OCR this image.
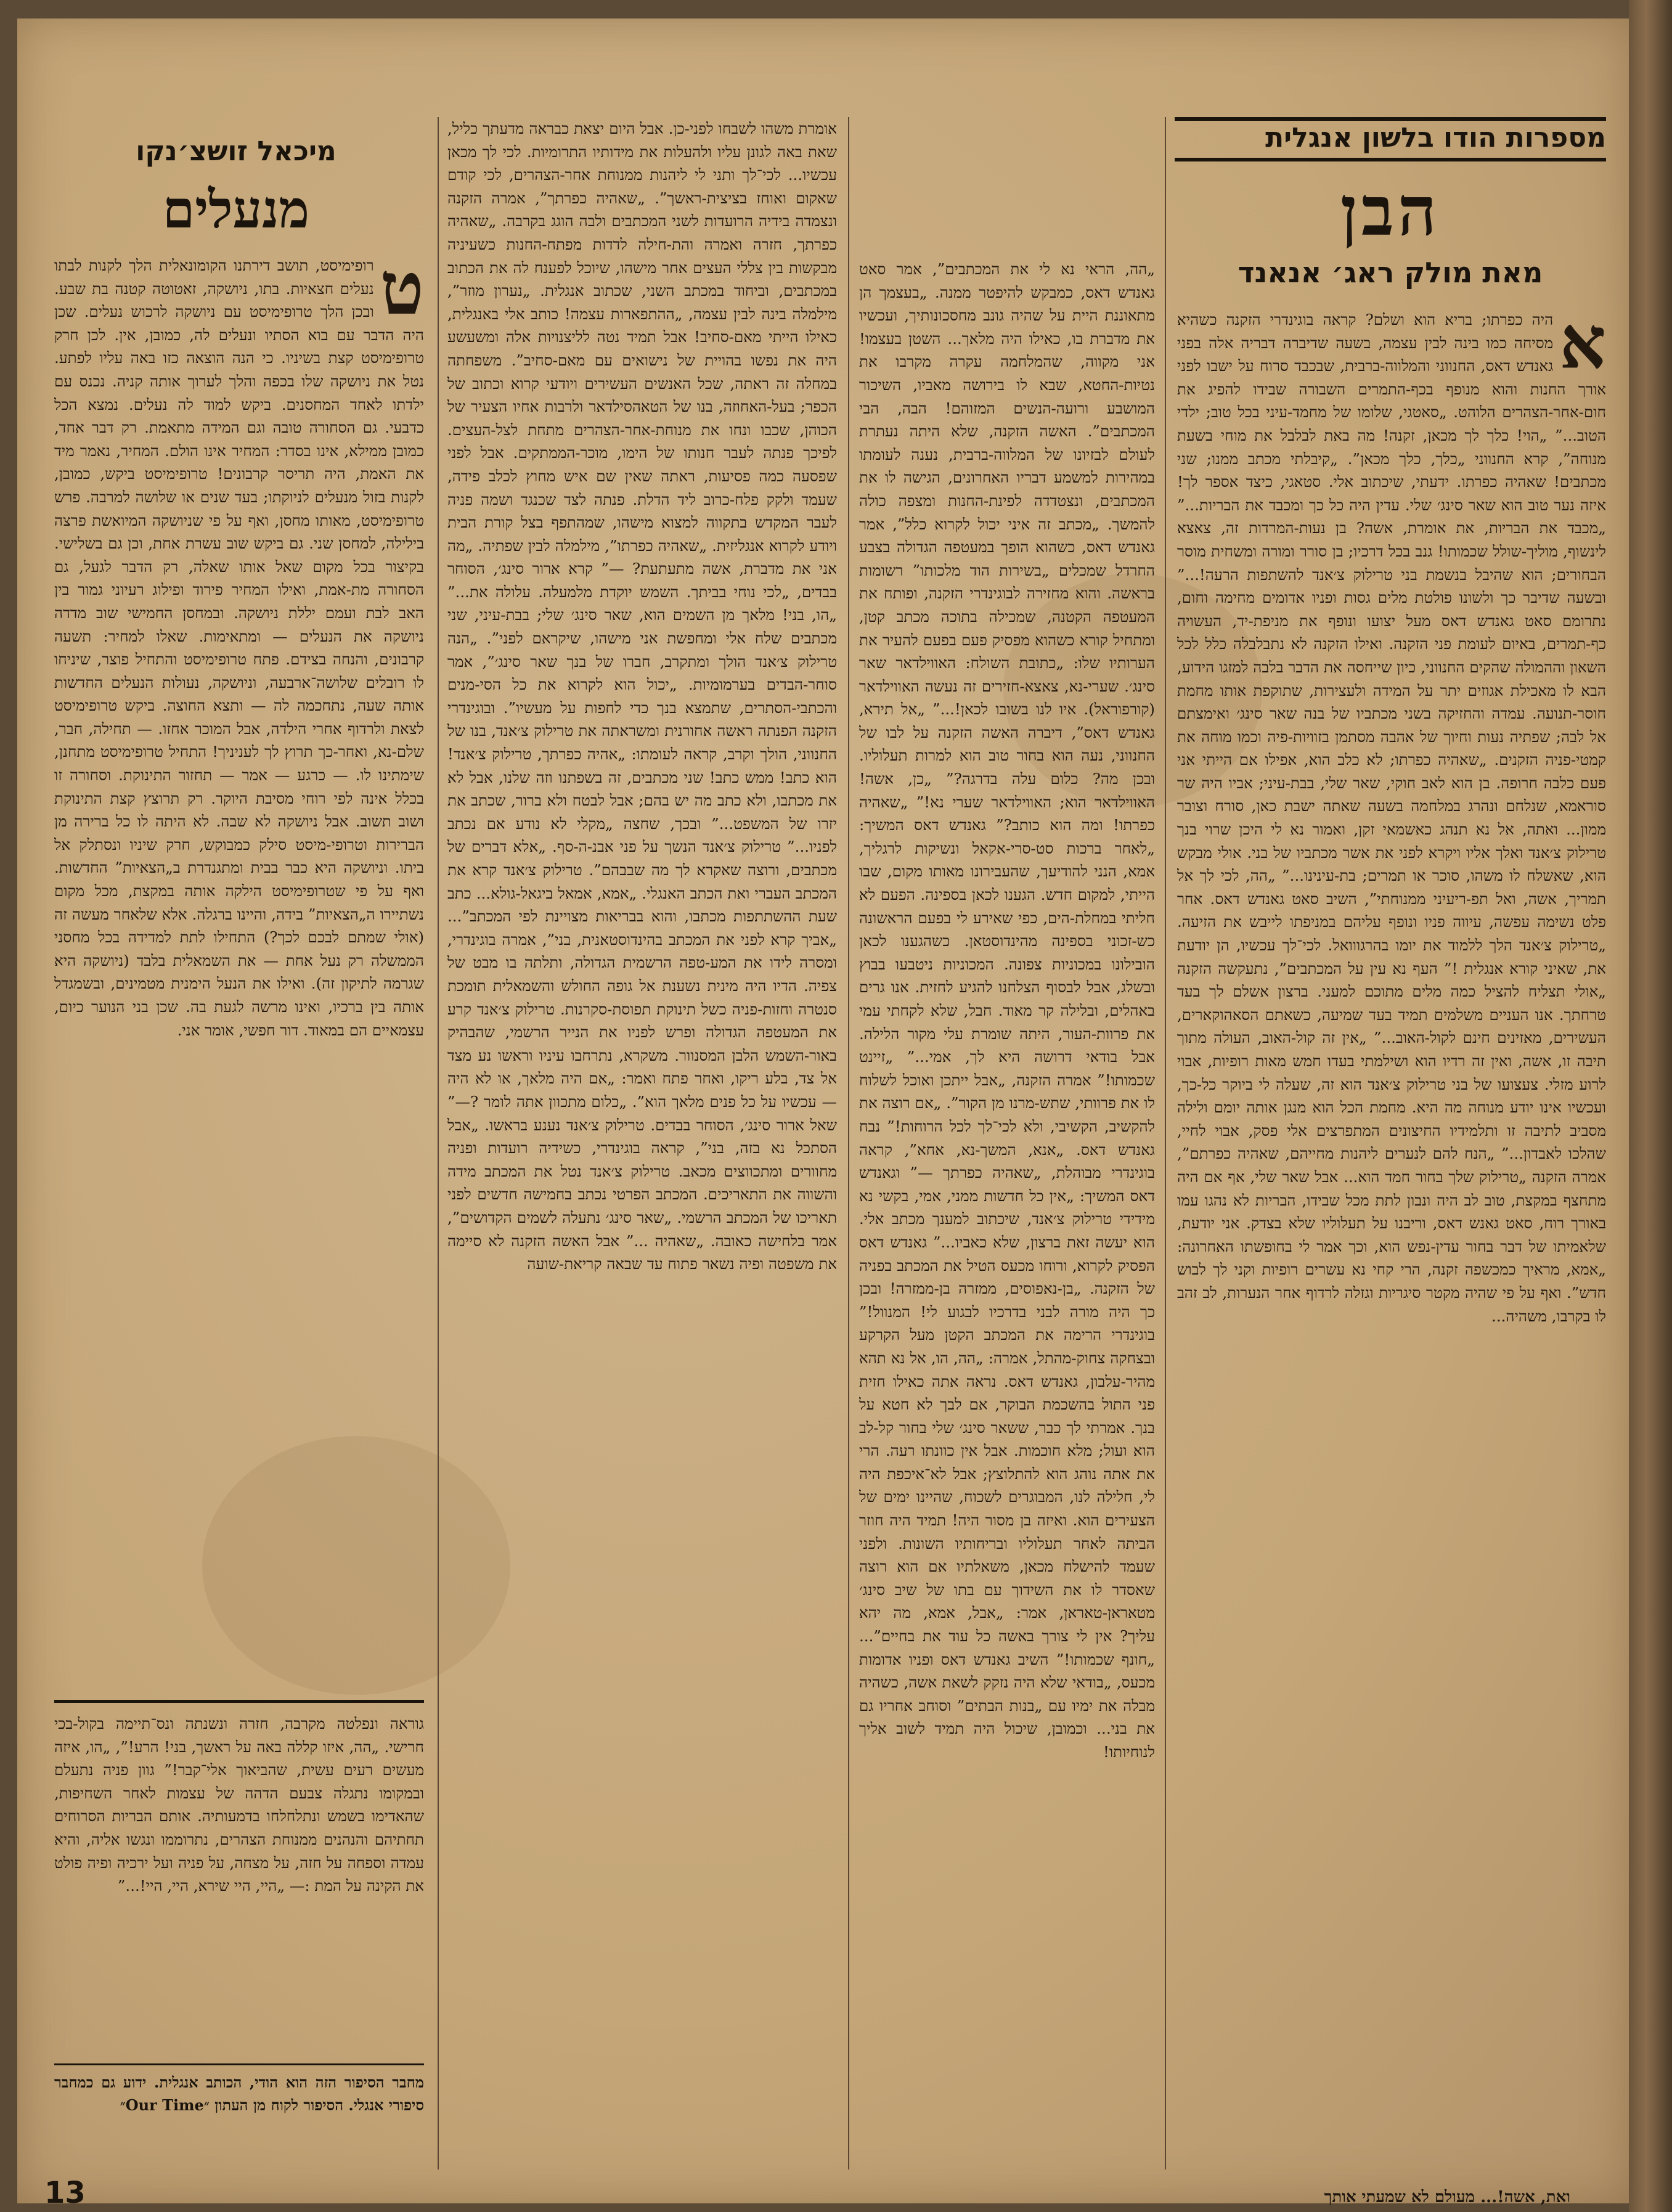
מספרות הודו בלשון אנגלית
הבן
מאת מולק ראג׳ אנאנד
א

היה כפרתו; בריא הוא ושלם? קראה בוגינדרי הזקנה כשהיא מסיחה כמו בינה לבין עצמה, בשעה שדיברה דבריה אלה בפני גאנדש דאס, החנווני והמלווה-ברבית, שבכבד סרוח על ישבו לפני אורך החנות והוא מנופף בכף-התמרים השבורה שבידו להפיג את חום-אחר-הצהרים הלוהט. „סאטגי, שלומו של מחמד-עיני בכל טוב; ילדי הטוב...” „הוי! כלך לך מכאן, זקנה! מה באת לבלבל את מוחי בשעת מנוחה”, קרא החנווני „כלך, כלך מכאן”. „קיבלתי מכתב ממנו; שני מכתבים! שאהיה כפרתו. ידעתי, שיכתוב אלי. סטאגי, כיצד אספר לך! איזה נער טוב הוא שאר סינג׳ שלי. עדין היה כל כך ומכבד את הבריות...” „מכבד את הבריות, את אומרת, אשה? בן נעות-המרדות זה, צאצא לינשוף, מוליך-שולל שכמותו! גנב בכל דרכיו; בן סורר ומורה ומשחית מוסר הבחורים; הוא שהיבל בנשמת בני טרילוק צ׳אנד להשתפות הרעה!...” ובשעה שדיבר כך ולשונו פולטת מלים גסות ופניו אדומים מחימה וחום, נתרומם סאט גאנדש דאס מעל יצועו ונופף את מניפת-יד, העשויה כף-תמרים, באיום לעומת פני הזקנה. ואילו הזקנה לא נתבלבלה כלל לכל השאון וההמולה שהקים החנווני, כיון שייחסה את הדבר בלבה למזגו הידוע, הבא לו מאכילת אגוזים יתר על המידה ולעצירות, שתוקפת אותו מחמת חוסר-תנועה. עמדה והחזיקה בשני מכתביו של בנה שאר סינג׳ ואימצתם אל לבה; שפתיה נעות וחיוך של אהבה מסתמן בזוויות-פיה וכמו מוחה את קמטי-פניה הזקנים. „שאהיה כפרתו; לא כלב הוא, אפילו אם הייתי אני פעם כלבה חרופה. בן הוא לאב חוקי, שאר שלי, בבת-עיני; אביו היה שר סוראמא, שנלחם ונהרג במלחמה בשעה שאתה ישבת כאן, סורח וצובר ממון... ואתה, אל נא תנהג כאשמאי זקן, ואמור נא לי היכן שרוי בנך טרילוק צ׳אנד ואלך אליו ויקרא לפני את אשר מכתביו של בני. אולי מבקש הוא, שאשלח לו משהו, סוכר או תמרים; בת-עינינו...” „הה, לכי לך אל תמריך, אשה, ואל תפ-ריעיני ממנוחתי”, השיב סאט גאנדש דאס. אחר פלט נשימה עפשה, עיווה פניו ונופף עליהם במניפתו לייבש את הזיעה. „טרילוק צ׳אנד הלך ללמוד את יומו בהרגווואל. לכי־לך עכשיו, הן יודעת את, שאיני קורא אנגלית !” העף נא עין על המכתבים”, נתעקשה הזקנה „אולי תצליח להציל כמה מלים מתוכם למעני. ברצון אשלם לך בעד טרחתך. אנו העניים משלמים תמיד בעד שמיעה, כשאתם הסאהוקארים, העשירים, מאזינים חינם לקול-האוב...” „אין זה קול-האוב, העולה מתוך תיבה זו, אשה, ואין זה רדיו הוא ושילמתי בעדו חמש מאות רופיות, אבוי לרוע מזלי. צעצועו של בני טרילוק צ׳אנד הוא זה, שעלה לי ביוקר כל-כך, ועכשיו אינו יודע מנוחה מה היא. מחמת הכל הוא מנגן אותה יומם ולילה מסביב לתיבה זו ותלמידיו החיצונים המתפרצים אלי פסק, אבוי לחיי, שהלכו לאבדון...” „הנח להם לנערים ליהנות מחייהם, שאהיה כפרתם”, אמרה הזקנה „טרילוק שלך בחור חמד הוא... אבל שאר שלי, אף אם היה מתחצף במקצת, טוב לב היה ונבון לתת מכל שבידו, הבריות לא נהגו עמו באורך רוח, סאט גאנש דאס, וריבנו על תעלוליו שלא בצדק. אני יודעת, שלאמיתו של דבר בחור עדין-נפש הוא, וכך אמר לי בחופשתו האחרונה: „אמא, מראיך כמכשפה זקנה, הרי קחי נא עשרים רופיות וקני לך לבוש חדש”. ואף על פי שהיה מקטר סיגריות וגזלה לרדוף אחר הנערות, לב זהב לו בקרבו, משהיה...

„הה, הראי נא לי את המכתבים”, אמר סאט גאנדש דאס, כמבקש להיפטר ממנה. „בעצמך הן מתאוננת היית על שהיה גונב מחסכונותיך, ועכשיו את מדברת בו, כאילו היה מלאך... השטן בעצמו! אני מקווה, שהמלחמה עקרה מקרבו את נטיות-החטא, שבא לו בירושה מאביו, השיכור המושבע ורועה-הנשים המזוהם! הבה, הבי המכתבים”. האשה הזקנה, שלא היתה נעתרת לעולם לבזיונו של המלווה-ברבית, נענה לעומתו במהירות למשמע דבריו האחרונים, הגישה לו את המכתבים, ונצטדדה לפינת-החנות ומצפה כולה להמשך. „מכתב זה איני יכול לקרוא כלל”, אמר גאנדש דאס, כשהוא הופך במעטפה הגדולה בצבע החרדל שמכלים „בשירות הוד מלכותו” רשומות בראשה. והוא מחזירה לבוגינדרי הזקנה, ופותח את המעטפה הקטנה, שמכילה בתוכה מכתב קטן, ומתחיל קורא כשהוא מפסיק פעם בפעם להעיר את הערותיו שלו: „כתובת השולח: האווילדאר שאר סינג׳. שערי-נא, צאצא-חזירים זה נעשה האווילדאר (קורפוראל). איו לנו בשובו לכאן!...” „אל תירא, גאנדש דאס”, דיברה האשה הזקנה על לבו של החנווני, נעה הוא בחור טוב הוא למרות תעלוליו. ובכן מה? כלום עלה בדרגה?” „כן, אשה! האווילדאר הוא; האווילדאר שערי נא!” „שאהיה כפרתו! ומה הוא כותב?” גאנדש דאס המשיך: „לאחר ברכות סט-סרי-אקאל ונשיקות לרגליך, אמא, הנני להודיעך, שהעבירונו מאותו מקום, שבו הייתי, למקום חדש. הגענו לכאן בספינה. הפעם לא חליתי במחלת-הים, כפי שאירע לי בפעם הראשונה כש-זכוני בספינה מהינדוסטאן. כשהגענו לכאן הובילונו במכוניות צפונה. המכוניות ניטבעו בבוץ ובשלג, אבל לבסוף הצלחנו להגיע לחזית. אנו גרים באהלים, ובלילה קר מאוד. חבל, שלא לקחתי עמי את פרוות-העור, היתה שומרת עלי מקור הלילה. אבל בודאי דרושה היא לך, אמי...” „זיינט שכמותו!” אמרה הזקנה, „אבל ייתכן ואוכל לשלוח לו את פרוותי, שתש-מרנו מן הקור”. „אם רוצה את להקשיב, הקשיבי, ולא לכי־לך לכל הרוחות!” נבח גאנדש דאס. „אנא, המשך-נא, אחא”, קראה בוגינדרי מבוהלת, „שאהיה כפרתך —” וגאנדש דאס המשיך: „אין כל חדשות ממני, אמי, בקשי נא מידידי טרילוק צ׳אנד, שיכתוב למענך מכתב אלי. הוא יעשה זאת ברצון, שלא כאביו...” גאנדש דאס הפסיק לקרוא, ורוחו מכעס הטיל את המכתב בפניה של הזקנה. „בן-נאפוסים, ממזרה בן-ממזרה! ובכן כך היה מורה לבני בדרכיו לבגוע לי! המנוול!” בוגינדרי הרימה את המכתב הקטן מעל הקרקע ובצחקה צחוק-מהתל, אמרה: „הה, הו, אל נא תהא מהיר-עלבון, גאנדש דאס. נראה אתה כאילו חזית פני התול בהשכמת הבוקר, אם לבך לא חטא על בנך. אמרתי לך כבר, ששאר סינג׳ שלי בחור קל-לב הוא ועול; מלא חוכמות. אבל אין כוונתו רעה. הרי את אתה נוהג הוא להתלוצץ; אבל לא־איכפת היה לי, חלילה לנו, המבוגרים לשכוח, שהיינו ימים של הצעירים הוא. ואיזה בן מסור היה! תמיד היה חוזר הביתה לאחר תעלוליו ובריחותיו השונות. ולפני שעמד להישלח מכאן, משאלתיו אם הוא רוצה שאסדר לו את השידוך עם בתו של שיב סינג׳ מטאראן-טאראן, אמר: „אבל, אמא, מה יהא עליך? אין לי צורך באשה כל עוד את בחיים”... „חונף שכמותו!” השיב גאנדש דאס ופניו אדומות מכעס, „בודאי שלא היה נזקק לשאת אשה, כשהיה מבלה את ימיו עם „בנות הבתים” וסוחב אחריו גם את בני... וכמובן, שיכול היה תמיד לשוב אליך לנוחיותו!

אומרת משהו לשבחו לפני-כן. אבל היום יצאת כבראה מדעתך כליל, שאת באה לגונן עליו ולהעלות את מידותיו התרומיות. לכי לך מכאן עכשיו... לכי־לך ותני לי ליהנות ממנוחת אחר-הצהרים, לכי קודם שאקום ואוחז בציצית-ראשך”. „שאהיה כפרתך”, אמרה הזקנה ונצמדה בידיה הרועדות לשני המכתבים ולבה הוגג בקרבה. „שאהיה כפרתך, חזרה ואמרה והת-חילה לדדות מפתח-החנות כשעיניה מבקשות בין צללי העצים אחר מישהו, שיוכל לפענח לה את הכתוב במכתבים, וביחוד במכתב השני, שכתוב אנגלית. „נערון מוזר”, מילמלה בינה לבין עצמה, „ההתפארות עצמה! כותב אלי באנגלית, כאילו הייתי מאם-סחיב! אבל תמיד נטה לליצנויות אלה ומשעשע היה את נפשו בהויית של נישואים עם מאם-סחיב”. משפחתה במחלה זה ראתה, שכל האנשים העשירים ויודעי קרוא וכתוב של הכפר; בעל-האחוזה, בנו של הטאהסילדאר ולרבות אחיו הצעיר של הכוהן, שכבו ונחו את מנוחת-אחר-הצהרים מתחת לצל-העצים. לפיכך פנתה לעבר חנותו של הימו, מוכר-הממתקים. אבל לפני שפסעה כמה פסיעות, ראתה שאין שם איש מחוץ לכלב פידה, שעמד ולקק פלח-כרוב ליד הדלת. פנתה לצד שכנגד ושמה פניה לעבר המקדש בתקווה למצוא מישהו, שמהתפף בצל קורת הבית ויודע לקרוא אנגליזית. „שאהיה כפרתו”, מילמלה לבין שפתיה. „מה אני את מדברת, אשה מתעתעת? —” קרא ארור סינג׳, הסוחר בבדים, „לכי נוחי בביתך. השמש יוקדת מלמעלה. עלולה את...” „הו, בני! מלאך מן השמים הוא, שאר סינג׳ שלי; בבת-עיני, שני מכתבים שלח אלי ומחפשת אני מישהו, שיקראם לפני”. „הנה טרילוק צ׳אנד הולך ומתקרב, חברו של בנך שאר סינג׳”, אמר סוחר-הבדים בערמומיות. „יכול הוא לקרוא את כל הסי-מנים והכתבי-הסתרים, שתמצא בנך כדי לחפות על מעשיו”. ובוגינדרי הזקנה הפנתה ראשה אחורנית ומשראתה את טרילוק צ׳אנד, בנו של החנווני, הולך וקרב, קראה לעומתו: „אהיה כפרתך, טרילוק צ׳אנד! הוא כתב! ממש כתב! שני מכתבים, זה בשפתנו וזה שלנו, אבל לא את מכתבו, ולא כתב מה יש בהם; אבל לבטח ולא ברור, שכתב את יזרו של המשפט...” ובכך, שחצה „מקלי לא נודע אם נכתב לפניו...” טרילוק צ׳אנד הנשך על פני אבנ-ה-סף. „אלא דברים של מכתבים, ורוצה שאקרא לך מה שבבהם”. טרילוק צ׳אנד קרא את המכתב העברי ואת הכתב האנגלי. „אמא, אמאל ביגאל-גולא... כתב שעת ההשתתפות מכתבו, והוא בבריאות מצויינת לפי המכתב”... „אביך קרא לפני את המכתב בהינדוסטאנית, בני”, אמרה בוגינדרי, ומסרה לידו את המע-טפה הרשמית הגדולה, ותלתה בו מבט של צפיה. הדיו היה מינית נשענת אל גופה החולש והשמאלית תומכת סנטרה וחזות-פניה כשל תינוקת תפוסת-סקרנות. טרילוק צ׳אנד קרע את המעטפה הגדולה ופרש לפניו את הנייר הרשמי, שהבהיק באור-השמש הלבן המסנוור. משקרא, נתרחבו עיניו וראשו נע מצד אל צד, בלע ריקו, ואחר פתח ואמר: „אם היה מלאך, או לא היה — עכשיו על כל פנים מלאך הוא”. „כלום מתכוון אתה לומר ?—” שאל ארור סינג׳, הסוחר בבדים. טרילוק צ׳אנד נענע בראשו. „אבל הסתכל נא בזה, בני”, קראה בוגינדרי, כשידיה רועדות ופניה מחוורים ומתכווצים מכאב. טרילוק צ׳אנד נטל את המכתב מידה והשווה את התאריכים. המכתב הפרטי נכתב בחמישה חדשים לפני תאריכו של המכתב הרשמי. „שאר סינג׳ נתעלה לשמים הקדושים”, אמר בלחישה כאובה. „שאהיה ...” אבל האשה הזקנה לא סיימה את משפטה ופיה נשאר פתוח עד שבאה קריאת-שועה

מיכאל זושצ׳נקו
מנעלים
ט

רופימיסט, תושב דירתנו הקומונאלית הלך לקנות לבתו נעלים חצאיות. בתו, ניושקה, זאטוטה קטנה בת שבע. ובכן הלך טרופימיסט עם ניושקה לרכוש נעלים. שכן היה הדבר עם בוא הסתיו ונעלים לה, כמובן, אין. לכן חרק טרופימיסט קצת בשיניו. כי הנה הוצאה כזו באה עליו לפתע. נטל את ניושקה שלו בכפה והלך לערוך אותה קניה. נכנס עם ילדתו לאחד המחסנים. ביקש למוד לה נעלים. נמצא הכל כדבעי. גם הסחורה טובה וגם המידה מתאמת. רק דבר אחד, כמובן ממילא, אינו בסדר: המחיר אינו הולם. המחיר, נאמר מיד את האמת, היה תריסר קרבונים! טרופימיסט ביקש, כמובן, לקנות בזול מנעלים לניוקתו; בעד שנים או שלושה למרבה. פרש טרופימיסט, מאותו מחסן, ואף על פי שניושקה המיואשת פרצה בילילה, למחסן שני. גם ביקש שוב עשרת אחת, וכן גם בשלישי. בקיצור בכל מקום שאל אותו שאלה, רק הדבר לגעל, גם הסחורה מת-אמת, ואילו המחיר פירוד ופילוג רעיוני גמור בין האב לבת ועמם יללת ניושקה. ובמחסן החמישי שוב מדדה ניושקה את הנעלים — ומתאימות. שאלו למחיר: תשעה קרבונים, והנחה בצידם. פתח טרופימיסט והתחיל פוצר, שיניחו לו רובלים שלושה־ארבעה, וניושקה, נעולות הנעלים החדשות אותה שעה, נתחכמה לה — ותצא החוצה. ביקש טרופימיסט לצאת ולרדוף אחרי הילדה, אבל המוכר אחזו. — תחילה, חבר, שלם-נא, ואחר-כך תרוץ לך לעניניך! התחיל טרופימיסט מתחנן, שימתינו לו. — כרגע — אמר — תחזור התינוקת. וסחורה זו בכלל אינה לפי רוחי מסיבת היוקר. רק תרוצץ קצת התינוקת ושוב תשוב. אבל ניושקה לא שבה. לא היתה לו כל ברירה מן הברירות וטרופי-מיסט סילק כמבוקש, חרק שיניו ונסתלק אל ביתו. וניושקה היא כבר בבית ומתגנדרת ב„הצאיות” החדשות. ואף על פי שטרופימיסט הילקה אותה במקצת, מכל מקום נשתיירו ה„הצאיות” בידה, והיינו ברגלה. אלא שלאחר מעשה זה (אולי שמתם לבכם לכך?) התחילו לתת למדידה בכל מחסני הממשלה רק נעל אחת — את השמאלית בלבד (ניושקה היא שגרמה לתיקון זה). ואילו את הנעל הימנית מטמינים, ובשמגדל אותה בין ברכיו, ואינו מרשה לגעת בה. שכן בני הנוער כיום, עצמאיים הם במאוד. דור חפשי, אומר אני.

גוראה ונפלטה מקרבה, חזרה ונשנתה ונס־תיימה בקול-בכי חרישי. „הה, איזו קללה באה על ראשך, בני! הרע!”, „הו, איזה מעשים רעים עשית, שהביאוך אלי־קבר!” גוון פניה נתעלם ובמקומו נתגלה צבעם הדהה של עצמות לאחר השחיפות, שהאדימו בשמש ונתלחלחו בדמעותיה. אותם הבריות הסרוחים תחתיהם והנהנים ממנוחת הצהרים, נתרוממו ונגשו אליה, והיא עמדה וספחה על חזה, על מצחה, על פניה ועל ירכיה ופיה פולט את הקינה על המת :— „היי, היי שירא, היי, היי!...”

מחבר הסיפור הזה הוא הודי, הכותב אנגלית. ידוע גם כמחבר סיפורי אנגלי. הסיפור לקוח מן העתון ״Our Time״
ואת, אשה!... מעולם לא שמעתי אותך
13
